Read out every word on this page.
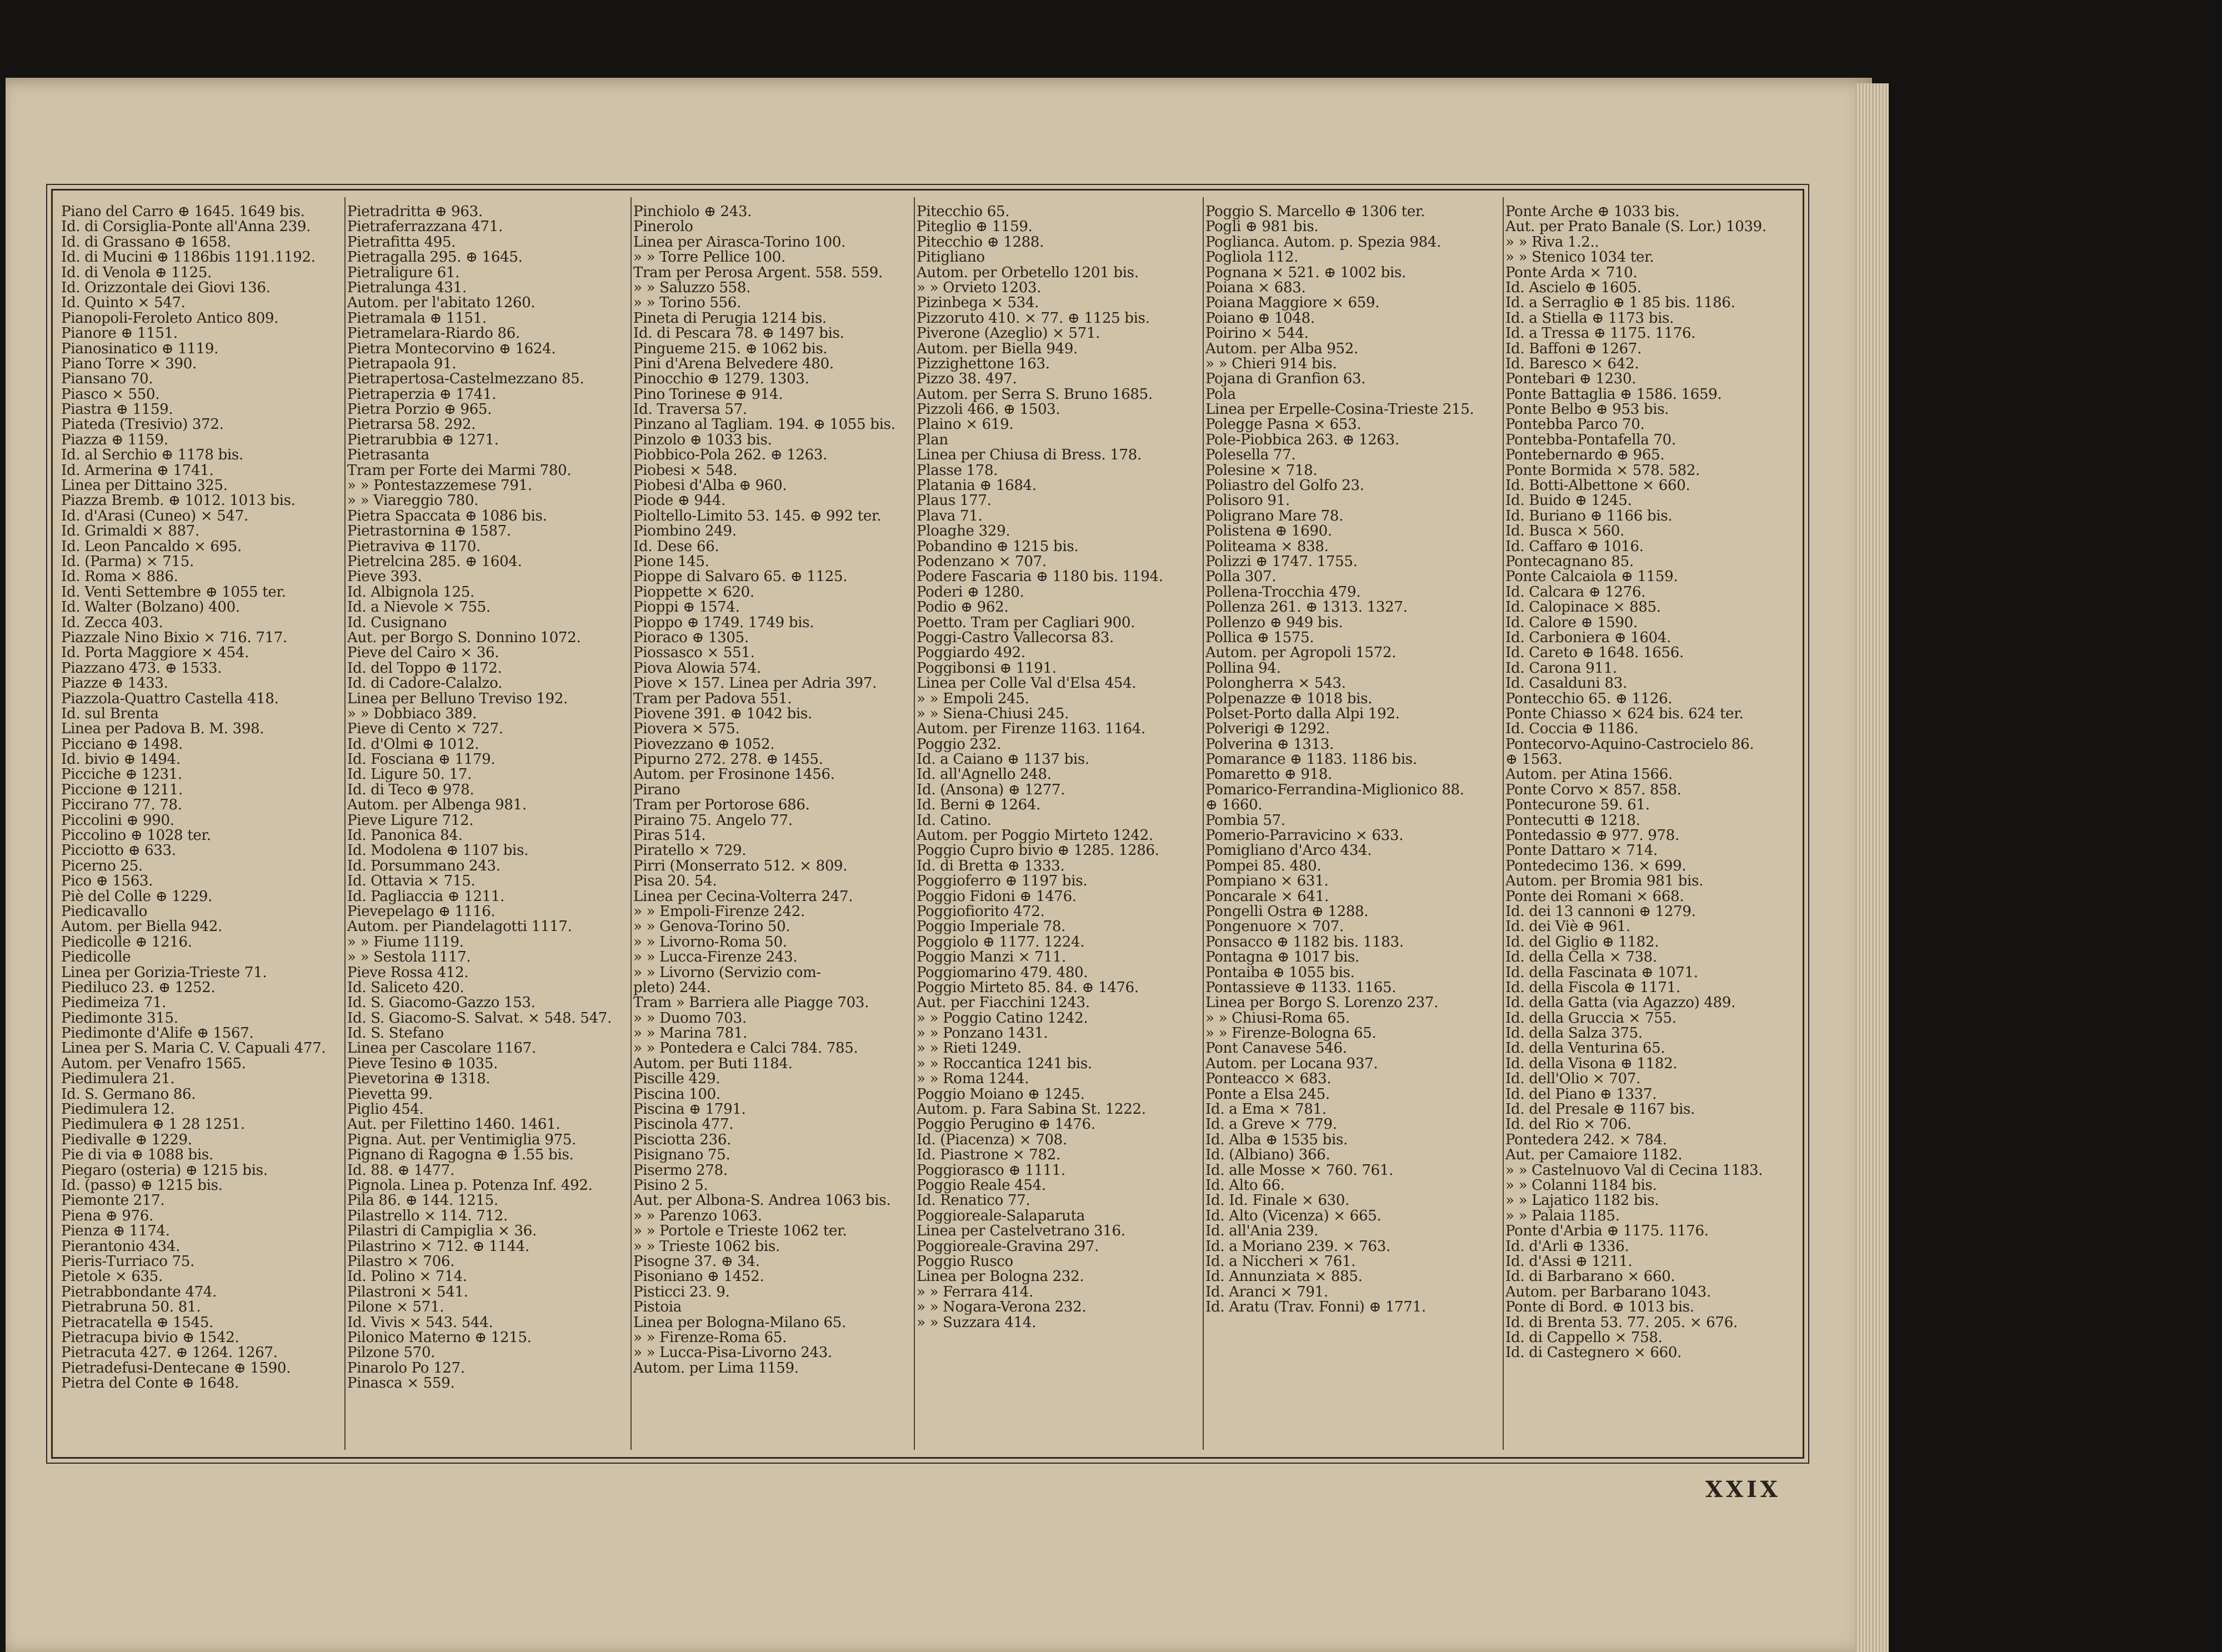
Piano del Carro ⊕ 1645. 1649 bis.
Id. di Corsiglia-Ponte all'Anna 239.
Id. di Grassano ⊕ 1658.
Id. di Mucini ⊕ 1186bis 1191.1192.
Id. di Venola ⊕ 1125.
Id. Orizzontale dei Giovi 136.
Id. Quinto ⨯ 547.
Pianopoli-Feroleto Antico 809.
Pianore ⊕ 1151.
Pianosinatico ⊕ 1119.
Piano Torre ⨯ 390.
Piansano 70.
Piasco ⨯ 550.
Piastra ⊕ 1159.
Piateda (Tresivio) 372.
Piazza ⊕ 1159.
Id. al Serchio ⊕ 1178 bis.
Id. Armerina ⊕ 1741.
Linea per Dittaino 325.
Piazza Bremb. ⊕ 1012. 1013 bis.
Id. d'Arasi (Cuneo) ⨯ 547.
Id. Grimaldi ⨯ 887.
Id. Leon Pancaldo ⨯ 695.
Id. (Parma) ⨯ 715.
Id. Roma ⨯ 886.
Id. Venti Settembre ⊕ 1055 ter.
Id. Walter (Bolzano) 400.
Id. Zecca 403.
Piazzale Nino Bixio ⨯ 716. 717.
Id. Porta Maggiore ⨯ 454.
Piazzano 473. ⊕ 1533.
Piazze ⊕ 1433.
Piazzola-Quattro Castella 418.
Id. sul Brenta
Linea per Padova B. M. 398.
Picciano ⊕ 1498.
Id. bivio ⊕ 1494.
Picciche ⊕ 1231.
Piccione ⊕ 1211.
Piccirano 77. 78.
Piccolini ⊕ 990.
Piccolino ⊕ 1028 ter.
Picciotto ⊕ 633.
Picerno 25.
Pico ⊕ 1563.
Piè del Colle ⊕ 1229.
Piedicavallo
Autom. per Biella 942.
Piedicolle ⊕ 1216.
Piedicolle
Linea per Gorizia-Trieste 71.
Piediluco 23. ⊕ 1252.
Piedimeiza 71.
Piedimonte 315.
Piedimonte d'Alife ⊕ 1567.
Linea per S. Maria C. V. Capuali 477.
Autom. per Venafro 1565.
Piedimulera 21.
Id. S. Germano 86.
Piedimulera 12.
Piedimulera ⊕ 1 28 1251.
Piedivalle ⊕ 1229.
Pie di via ⊕ 1088 bis.
Piegaro (osteria) ⊕ 1215 bis.
Id. (passo) ⊕ 1215 bis.
Piemonte 217.
Piena ⊕ 976.
Pienza ⊕ 1174.
Pierantonio 434.
Pieris-Turriaco 75.
Pietole ⨯ 635.
Pietrabbondante 474.
Pietrabruna 50. 81.
Pietracatella ⊕ 1545.
Pietracupa bivio ⊕ 1542.
Pietracuta 427. ⊕ 1264. 1267.
Pietradefusi-Dentecane ⊕ 1590.
Pietra del Conte ⊕ 1648.
Pietradritta ⊕ 963.
Pietraferrazzana 471.
Pietrafitta 495.
Pietragalla 295. ⊕ 1645.
Pietraligure 61.
Pietralunga 431.
Autom. per l'abitato 1260.
Pietramala ⊕ 1151.
Pietramelara-Riardo 86.
Pietra Montecorvino ⊕ 1624.
Pietrapaola 91.
Pietrapertosa-Castelmezzano 85.
Pietraperzia ⊕ 1741.
Pietra Porzio ⊕ 965.
Pietrarsa 58. 292.
Pietrarubbia ⊕ 1271.
Pietrasanta
Tram per Forte dei Marmi 780.
» » Pontestazzemese 791.
» » Viareggio 780.
Pietra Spaccata ⊕ 1086 bis.
Pietrastornina ⊕ 1587.
Pietraviva ⊕ 1170.
Pietrelcina 285. ⊕ 1604.
Pieve 393.
Id. Albignola 125.
Id. a Nievole ⨯ 755.
Id. Cusignano
Aut. per Borgo S. Donnino 1072.
Pieve del Cairo ⨯ 36.
Id. del Toppo ⊕ 1172.
Id. di Cadore-Calalzo.
Linea per Belluno Treviso 192.
» » Dobbiaco 389.
Pieve di Cento ⨯ 727.
Id. d'Olmi ⊕ 1012.
Id. Fosciana ⊕ 1179.
Id. Ligure 50. 17.
Id. di Teco ⊕ 978.
Autom. per Albenga 981.
Pieve Ligure 712.
Id. Panonica 84.
Id. Modolena ⊕ 1107 bis.
Id. Porsummano 243.
Id. Ottavia ⨯ 715.
Id. Pagliaccia ⊕ 1211.
Pievepelago ⊕ 1116.
Autom. per Piandelagotti 1117.
» » Fiume 1119.
» » Sestola 1117.
Pieve Rossa 412.
Id. Saliceto 420.
Id. S. Giacomo-Gazzo 153.
Id. S. Giacomo-S. Salvat. ⨯ 548. 547.
Id. S. Stefano
Linea per Cascolare 1167.
Pieve Tesino ⊕ 1035.
Pievetorina ⊕ 1318.
Pievetta 99.
Piglio 454.
Aut. per Filettino 1460. 1461.
Pigna. Aut. per Ventimiglia 975.
Pignano di Ragogna ⊕ 1.55 bis.
Id. 88. ⊕ 1477.
Pignola. Linea p. Potenza Inf. 492.
Pila 86. ⊕ 144. 1215.
Pilastrello ⨯ 114. 712.
Pilastri di Campiglia ⨯ 36.
Pilastrino ⨯ 712. ⊕ 1144.
Pilastro ⨯ 706.
Id. Polino ⨯ 714.
Pilastroni ⨯ 541.
Pilone ⨯ 571.
Id. Vivis ⨯ 543. 544.
Pilonico Materno ⊕ 1215.
Pilzone 570.
Pinarolo Po 127.
Pinasca ⨯ 559.
Pinchiolo ⊕ 243.
Pinerolo
Linea per Airasca-Torino 100.
» » Torre Pellice 100.
Tram per Perosa Argent. 558. 559.
» » Saluzzo 558.
» » Torino 556.
Pineta di Perugia 1214 bis.
Id. di Pescara 78. ⊕ 1497 bis.
Pingueme 215. ⊕ 1062 bis.
Pini d'Arena Belvedere 480.
Pinocchio ⊕ 1279. 1303.
Pino Torinese ⊕ 914.
Id. Traversa 57.
Pinzano al Tagliam. 194. ⊕ 1055 bis.
Pinzolo ⊕ 1033 bis.
Piobbico-Pola 262. ⊕ 1263.
Piobesi ⨯ 548.
Piobesi d'Alba ⊕ 960.
Piode ⊕ 944.
Pioltello-Limito 53. 145. ⊕ 992 ter.
Piombino 249.
Id. Dese 66.
Pione 145.
Pioppe di Salvaro 65. ⊕ 1125.
Pioppette ⨯ 620.
Pioppi ⊕ 1574.
Pioppo ⊕ 1749. 1749 bis.
Pioraco ⊕ 1305.
Piossasco ⨯ 551.
Piova Alowia 574.
Piove ⨯ 157. Linea per Adria 397.
Tram per Padova 551.
Piovene 391. ⊕ 1042 bis.
Piovera ⨯ 575.
Piovezzano ⊕ 1052.
Pipurno 272. 278. ⊕ 1455.
Autom. per Frosinone 1456.
Pirano
Tram per Portorose 686.
Piraino 75. Angelo 77.
Piras 514.
Piratello ⨯ 729.
Pirri (Monserrato 512. ⨯ 809.
Pisa 20. 54.
Linea per Cecina-Volterra 247.
» » Empoli-Firenze 242.
» » Genova-Torino 50.
» » Livorno-Roma 50.
» » Lucca-Firenze 243.
» » Livorno (Servizio com-
pleto) 244.
Tram » Barriera alle Piagge 703.
» » Duomo 703.
» » Marina 781.
» » Pontedera e Calci 784. 785.
Autom. per Buti 1184.
Piscille 429.
Piscina 100.
Piscina ⊕ 1791.
Piscinola 477.
Pisciotta 236.
Pisignano 75.
Pisermo 278.
Pisino 2 5.
Aut. per Albona-S. Andrea 1063 bis.
» » Parenzo 1063.
» » Portole e Trieste 1062 ter.
» » Trieste 1062 bis.
Pisogne 37. ⊕ 34.
Pisoniano ⊕ 1452.
Pisticci 23. 9.
Pistoia
Linea per Bologna-Milano 65.
» » Firenze-Roma 65.
» » Lucca-Pisa-Livorno 243.
Autom. per Lima 1159.
Pitecchio 65.
Piteglio ⊕ 1159.
Pitecchio ⊕ 1288.
Pitigliano
Autom. per Orbetello 1201 bis.
» » Orvieto 1203.
Pizinbega ⨯ 534.
Pizzoruto 410. ⨯ 77. ⊕ 1125 bis.
Piverone (Azeglio) ⨯ 571.
Autom. per Biella 949.
Pizzighettone 163.
Pizzo 38. 497.
Autom. per Serra S. Bruno 1685.
Pizzoli 466. ⊕ 1503.
Plaino ⨯ 619.
Plan
Linea per Chiusa di Bress. 178.
Plasse 178.
Platania ⊕ 1684.
Plaus 177.
Plava 71.
Ploaghe 329.
Pobandino ⊕ 1215 bis.
Podenzano ⨯ 707.
Podere Fascaria ⊕ 1180 bis. 1194.
Poderi ⊕ 1280.
Podio ⊕ 962.
Poetto. Tram per Cagliari 900.
Poggi-Castro Vallecorsa 83.
Poggiardo 492.
Poggibonsi ⊕ 1191.
Linea per Colle Val d'Elsa 454.
» » Empoli 245.
» » Siena-Chiusi 245.
Autom. per Firenze 1163. 1164.
Poggio 232.
Id. a Caiano ⊕ 1137 bis.
Id. all'Agnello 248.
Id. (Ansona) ⊕ 1277.
Id. Berni ⊕ 1264.
Id. Catino.
Autom. per Poggio Mirteto 1242.
Poggio Cupro bivio ⊕ 1285. 1286.
Id. di Bretta ⊕ 1333.
Poggioferro ⊕ 1197 bis.
Poggio Fidoni ⊕ 1476.
Poggiofiorito 472.
Poggio Imperiale 78.
Poggiolo ⊕ 1177. 1224.
Poggio Manzi ⨯ 711.
Poggiomarino 479. 480.
Poggio Mirteto 85. 84. ⊕ 1476.
Aut. per Fiacchini 1243.
» » Poggio Catino 1242.
» » Ponzano 1431.
» » Rieti 1249.
» » Roccantica 1241 bis.
» » Roma 1244.
Poggio Moiano ⊕ 1245.
Autom. p. Fara Sabina St. 1222.
Poggio Perugino ⊕ 1476.
Id. (Piacenza) ⨯ 708.
Id. Piastrone ⨯ 782.
Poggiorasco ⊕ 1111.
Poggio Reale 454.
Id. Renatico 77.
Poggioreale-Salaparuta
Linea per Castelvetrano 316.
Poggioreale-Gravina 297.
Poggio Rusco
Linea per Bologna 232.
» » Ferrara 414.
» » Nogara-Verona 232.
» » Suzzara 414.
Poggio S. Marcello ⊕ 1306 ter.
Pogli ⊕ 981 bis.
Poglianca. Autom. p. Spezia 984.
Pogliola 112.
Pognana ⨯ 521. ⊕ 1002 bis.
Poiana ⨯ 683.
Poiana Maggiore ⨯ 659.
Poiano ⊕ 1048.
Poirino ⨯ 544.
Autom. per Alba 952.
» » Chieri 914 bis.
Pojana di Granfion 63.
Pola
Linea per Erpelle-Cosina-Trieste 215.
Polegge Pasna ⨯ 653.
Pole-Piobbica 263. ⊕ 1263.
Polesella 77.
Polesine ⨯ 718.
Poliastro del Golfo 23.
Polisoro 91.
Poligrano Mare 78.
Polistena ⊕ 1690.
Politeama ⨯ 838.
Polizzi ⊕ 1747. 1755.
Polla 307.
Pollena-Trocchia 479.
Pollenza 261. ⊕ 1313. 1327.
Pollenzo ⊕ 949 bis.
Pollica ⊕ 1575.
Autom. per Agropoli 1572.
Pollina 94.
Polongherra ⨯ 543.
Polpenazze ⊕ 1018 bis.
Polset-Porto dalla Alpi 192.
Polverigi ⊕ 1292.
Polverina ⊕ 1313.
Pomarance ⊕ 1183. 1186 bis.
Pomaretto ⊕ 918.
Pomarico-Ferrandina-Miglionico 88.
⊕ 1660.
Pombia 57.
Pomerio-Parravicino ⨯ 633.
Pomigliano d'Arco 434.
Pompei 85. 480.
Pompiano ⨯ 631.
Poncarale ⨯ 641.
Pongelli Ostra ⊕ 1288.
Pongenuore ⨯ 707.
Ponsacco ⊕ 1182 bis. 1183.
Pontagna ⊕ 1017 bis.
Pontaiba ⊕ 1055 bis.
Pontassieve ⊕ 1133. 1165.
Linea per Borgo S. Lorenzo 237.
» » Chiusi-Roma 65.
» » Firenze-Bologna 65.
Pont Canavese 546.
Autom. per Locana 937.
Ponteacco ⨯ 683.
Ponte a Elsa 245.
Id. a Ema ⨯ 781.
Id. a Greve ⨯ 779.
Id. Alba ⊕ 1535 bis.
Id. (Albiano) 366.
Id. alle Mosse ⨯ 760. 761.
Id. Alto 66.
Id. Id. Finale ⨯ 630.
Id. Alto (Vicenza) ⨯ 665.
Id. all'Ania 239.
Id. a Moriano 239. ⨯ 763.
Id. a Niccheri ⨯ 761.
Id. Annunziata ⨯ 885.
Id. Aranci ⨯ 791.
Id. Aratu (Trav. Fonni) ⊕ 1771.
Ponte Arche ⊕ 1033 bis.
Aut. per Prato Banale (S. Lor.) 1039.
» » Riva 1.2..
» » Stenico 1034 ter.
Ponte Arda ⨯ 710.
Id. Ascielo ⊕ 1605.
Id. a Serraglio ⊕ 1 85 bis. 1186.
Id. a Stiella ⊕ 1173 bis.
Id. a Tressa ⊕ 1175. 1176.
Id. Baffoni ⊕ 1267.
Id. Baresco ⨯ 642.
Pontebari ⊕ 1230.
Ponte Battaglia ⊕ 1586. 1659.
Ponte Belbo ⊕ 953 bis.
Pontebba Parco 70.
Pontebba-Pontafella 70.
Pontebernardo ⊕ 965.
Ponte Bormida ⨯ 578. 582.
Id. Botti-Albettone ⨯ 660.
Id. Buido ⊕ 1245.
Id. Buriano ⊕ 1166 bis.
Id. Busca ⨯ 560.
Id. Caffaro ⊕ 1016.
Pontecagnano 85.
Ponte Calcaiola ⊕ 1159.
Id. Calcara ⊕ 1276.
Id. Calopinace ⨯ 885.
Id. Calore ⊕ 1590.
Id. Carboniera ⊕ 1604.
Id. Careto ⊕ 1648. 1656.
Id. Carona 911.
Id. Casalduni 83.
Pontecchio 65. ⊕ 1126.
Ponte Chiasso ⨯ 624 bis. 624 ter.
Id. Coccia ⊕ 1186.
Pontecorvo-Aquino-Castrocielo 86.
⊕ 1563.
Autom. per Atina 1566.
Ponte Corvo ⨯ 857. 858.
Pontecurone 59. 61.
Pontecutti ⊕ 1218.
Pontedassio ⊕ 977. 978.
Ponte Dattaro ⨯ 714.
Pontedecimo 136. ⨯ 699.
Autom. per Bromia 981 bis.
Ponte dei Romani ⨯ 668.
Id. dei 13 cannoni ⊕ 1279.
Id. dei Viè ⊕ 961.
Id. del Giglio ⊕ 1182.
Id. della Cella ⨯ 738.
Id. della Fascinata ⊕ 1071.
Id. della Fiscola ⊕ 1171.
Id. della Gatta (via Agazzo) 489.
Id. della Gruccia ⨯ 755.
Id. della Salza 375.
Id. della Venturina 65.
Id. della Visona ⊕ 1182.
Id. dell'Olio ⨯ 707.
Id. del Piano ⊕ 1337.
Id. del Presale ⊕ 1167 bis.
Id. del Rio ⨯ 706.
Pontedera 242. ⨯ 784.
Aut. per Camaiore 1182.
» » Castelnuovo Val di Cecina 1183.
» » Colanni 1184 bis.
» » Lajatico 1182 bis.
» » Palaia 1185.
Ponte d'Arbia ⊕ 1175. 1176.
Id. d'Arli ⊕ 1336.
Id. d'Assi ⊕ 1211.
Id. di Barbarano ⨯ 660.
Autom. per Barbarano 1043.
Ponte di Bord. ⊕ 1013 bis.
Id. di Brenta 53. 77. 205. ⨯ 676.
Id. di Cappello ⨯ 758.
Id. di Castegnero ⨯ 660.
XXIX
